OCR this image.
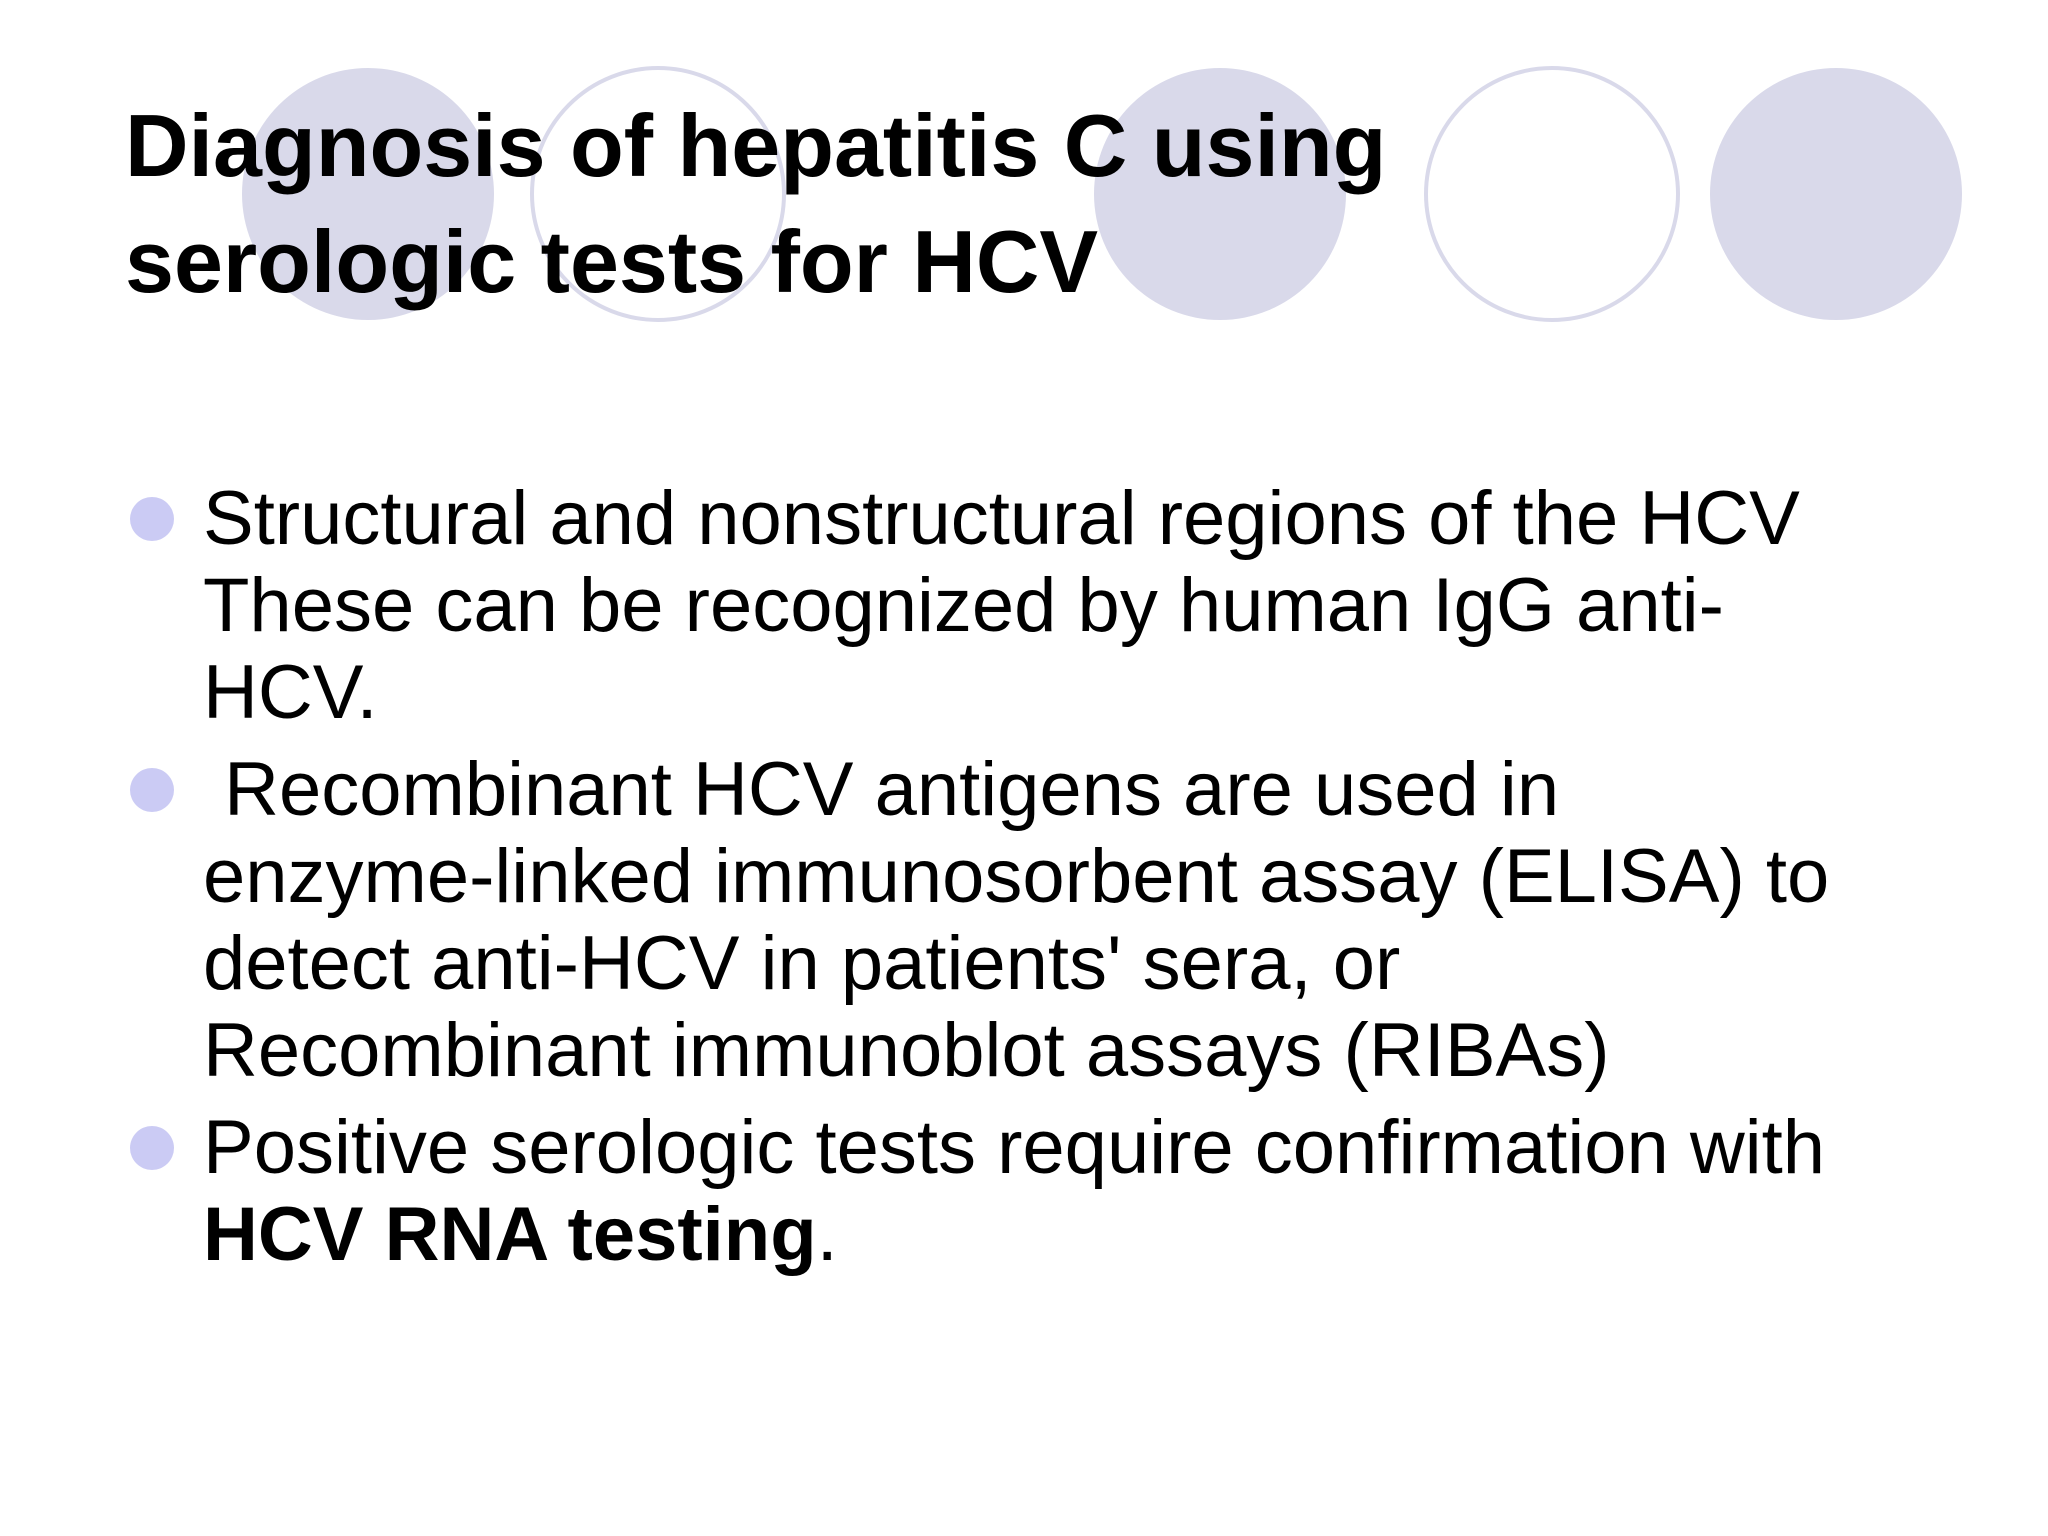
Diagnosis of hepatitis C using
serologic tests for HCV
Structural and nonstructural regions of the HCV
These can be recognized by human IgG anti-
HCV.
Recombinant HCV antigens are used in
enzyme-linked immunosorbent assay (ELISA) to
detect anti-HCV in patients' sera, or
Recombinant immunoblot assays (RIBAs)
Positive serologic tests require confirmation with
HCV RNA testing.
